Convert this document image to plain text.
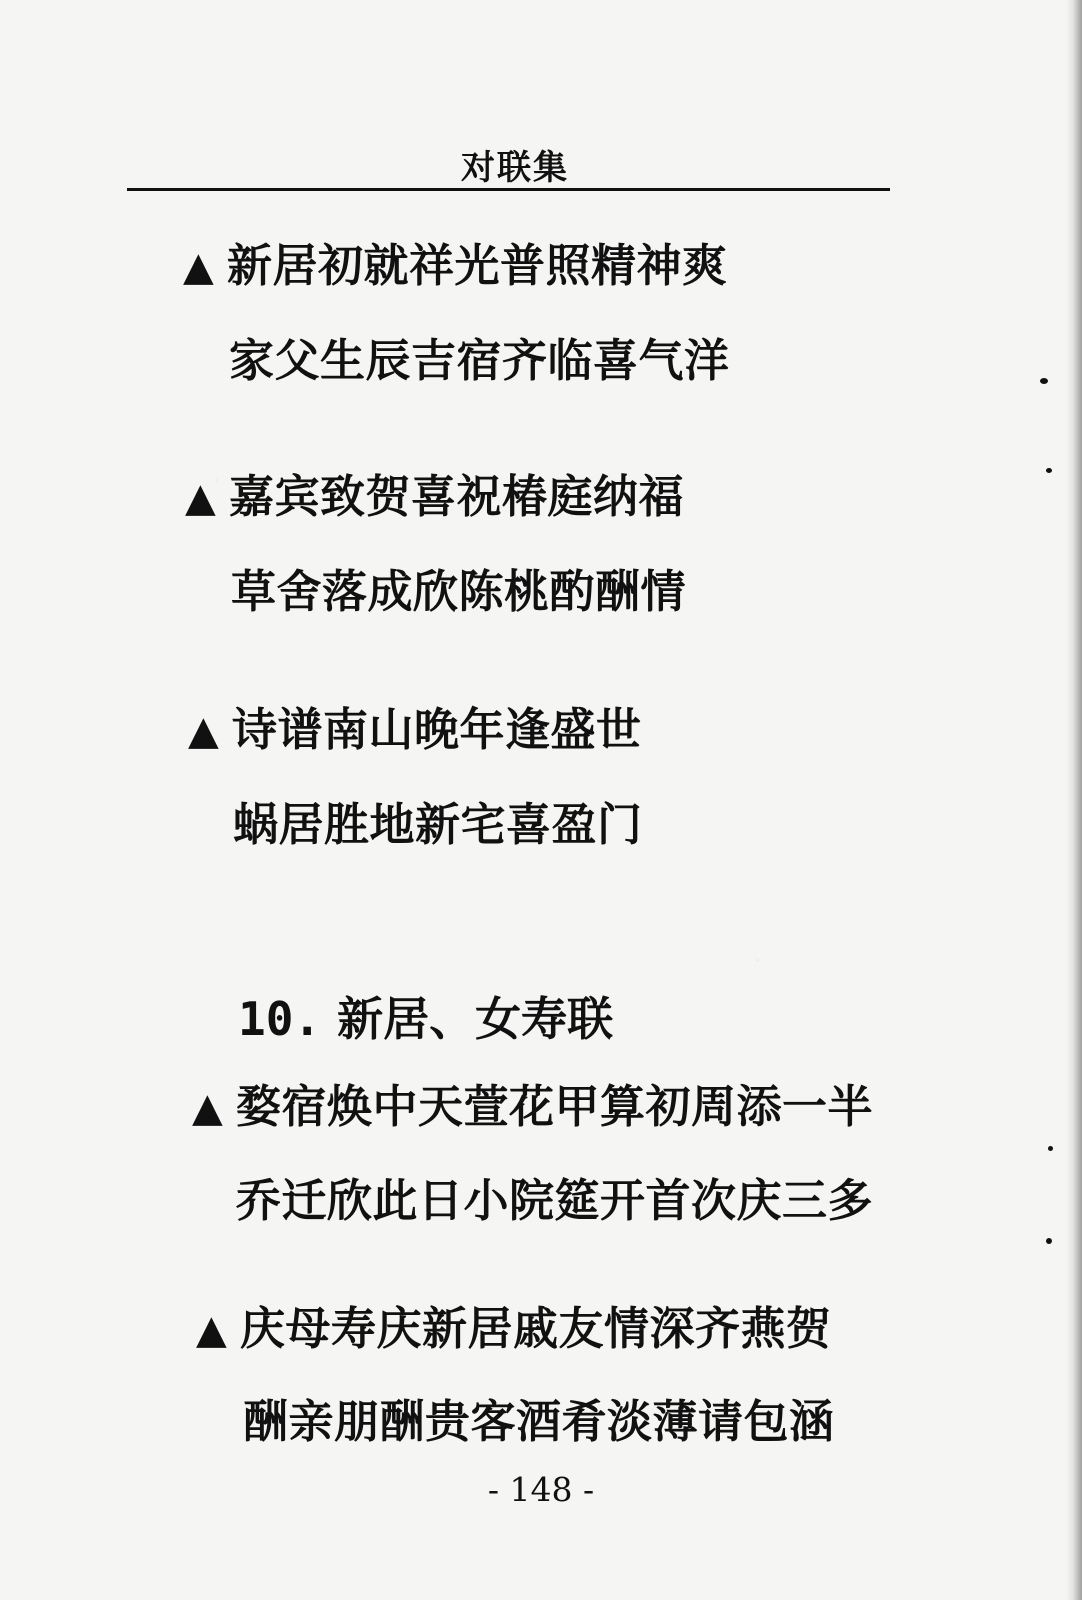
对联集
▲ 新居初就祥光普照精神爽
家父生辰吉宿齐临喜气洋
▲ 嘉宾致贺喜祝椿庭纳福
草舍落成欣陈桃酌酬情
▲ 诗谱南山晚年逢盛世
蜗居胜地新宅喜盈门
10. 新居、女寿联
▲ 婺宿焕中天萱花甲算初周添一半
乔迁欣此日小院筵开首次庆三多
▲ 庆母寿庆新居戚友情深齐燕贺
酬亲朋酬贵客酒肴淡薄请包涵
- 148 -
